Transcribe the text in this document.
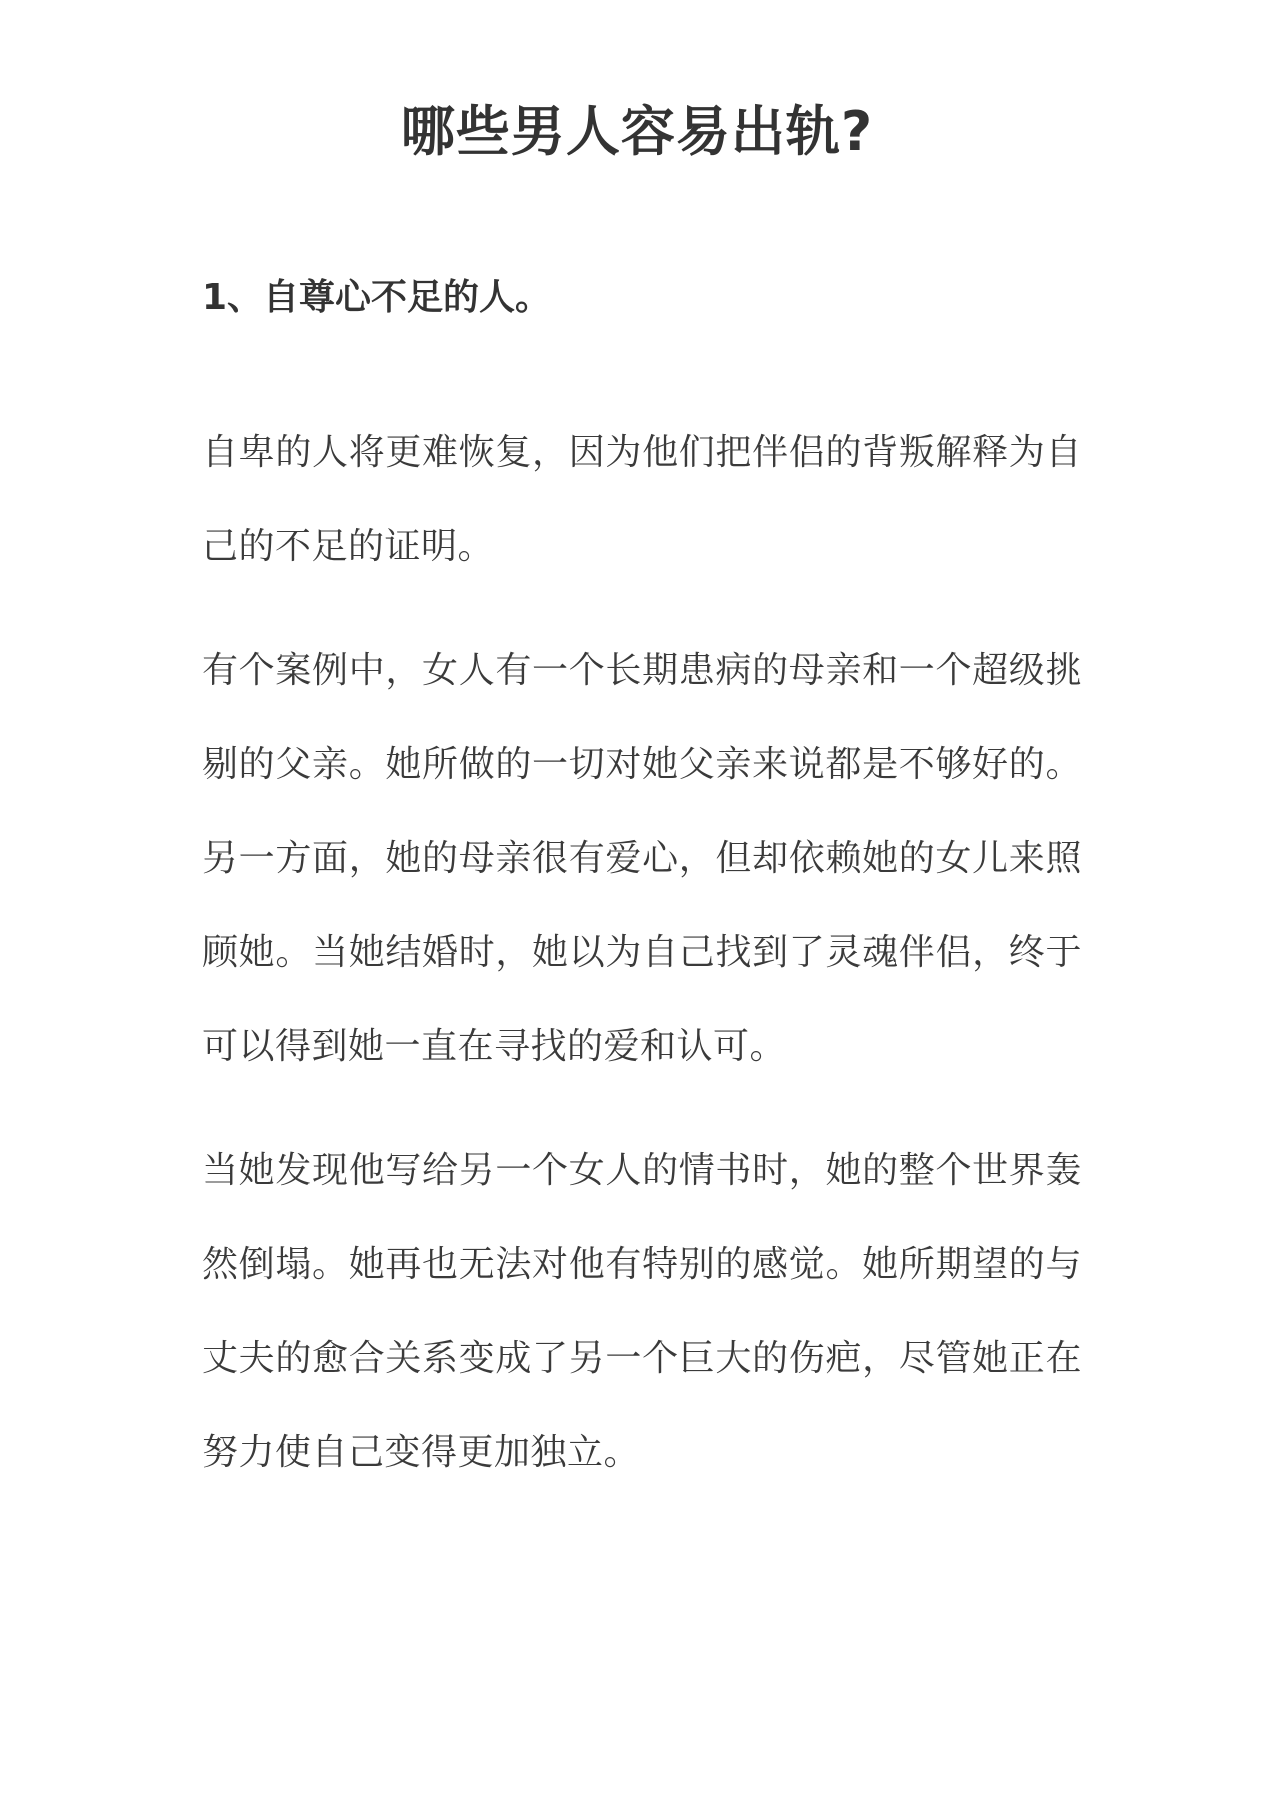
哪些男人容易出轨?
1、自尊心不足的人。

自卑的人将更难恢复，因为他们把伴侣的背叛解释为自己的不足的证明。

有个案例中，女人有一个长期患病的母亲和一个超级挑剔的父亲。她所做的一切对她父亲来说都是不够好的。另一方面，她的母亲很有爱心，但却依赖她的女儿来照顾她。当她结婚时，她以为自己找到了灵魂伴侣，终于可以得到她一直在寻找的爱和认可。

当她发现他写给另一个女人的情书时，她的整个世界轰然倒塌。她再也无法对他有特别的感觉。她所期望的与丈夫的愈合关系变成了另一个巨大的伤疤，尽管她正在努力使自己变得更加独立。
